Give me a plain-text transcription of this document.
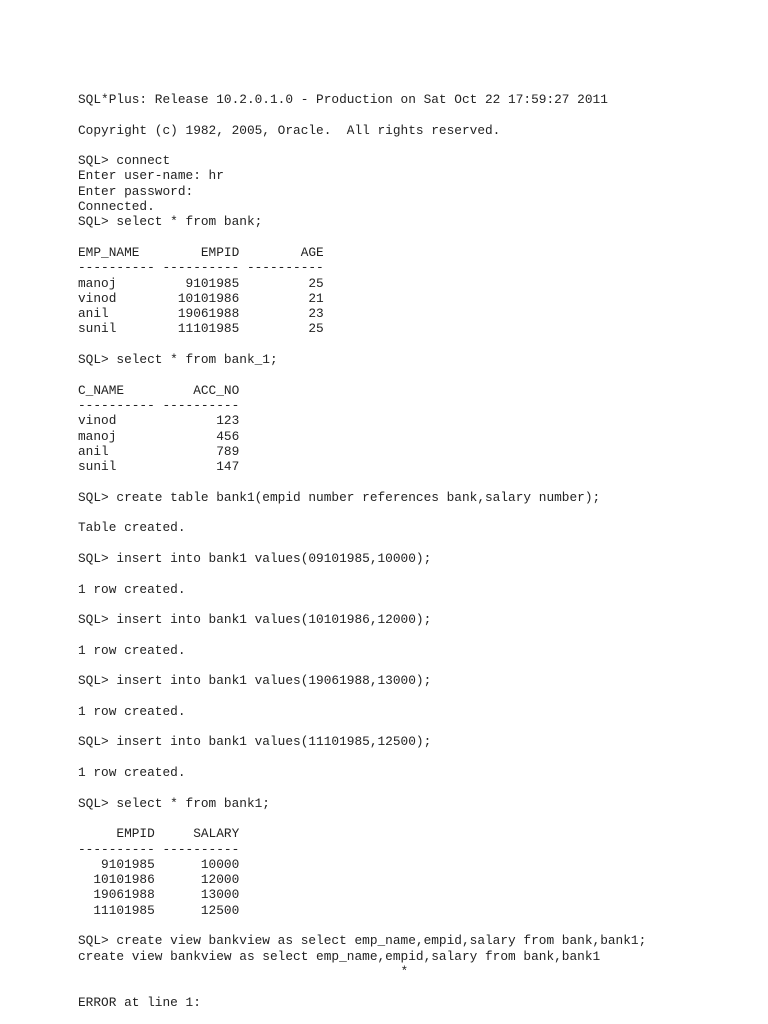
SQL*Plus: Release 10.2.0.1.0 - Production on Sat Oct 22 17:59:27 2011
Copyright (c) 1982, 2005, Oracle.  All rights reserved.
SQL> connect
Enter user-name: hr
Enter password:
Connected.
SQL> select * from bank;
EMP_NAME        EMPID        AGE
---------- ---------- ----------
manoj         9101985         25
vinod        10101986         21
anil         19061988         23
sunil        11101985         25
SQL> select * from bank_1;
C_NAME         ACC_NO
---------- ----------
vinod             123
manoj             456
anil              789
sunil             147
SQL> create table bank1(empid number references bank,salary number);
Table created.
SQL> insert into bank1 values(09101985,10000);
1 row created.
SQL> insert into bank1 values(10101986,12000);
1 row created.
SQL> insert into bank1 values(19061988,13000);
1 row created.
SQL> insert into bank1 values(11101985,12500);
1 row created.
SQL> select * from bank1;
EMPID     SALARY
---------- ----------
9101985      10000
10101986      12000
19061988      13000
11101985      12500
SQL> create view bankview as select emp_name,empid,salary from bank,bank1;
create view bankview as select emp_name,empid,salary from bank,bank1
*
ERROR at line 1:
